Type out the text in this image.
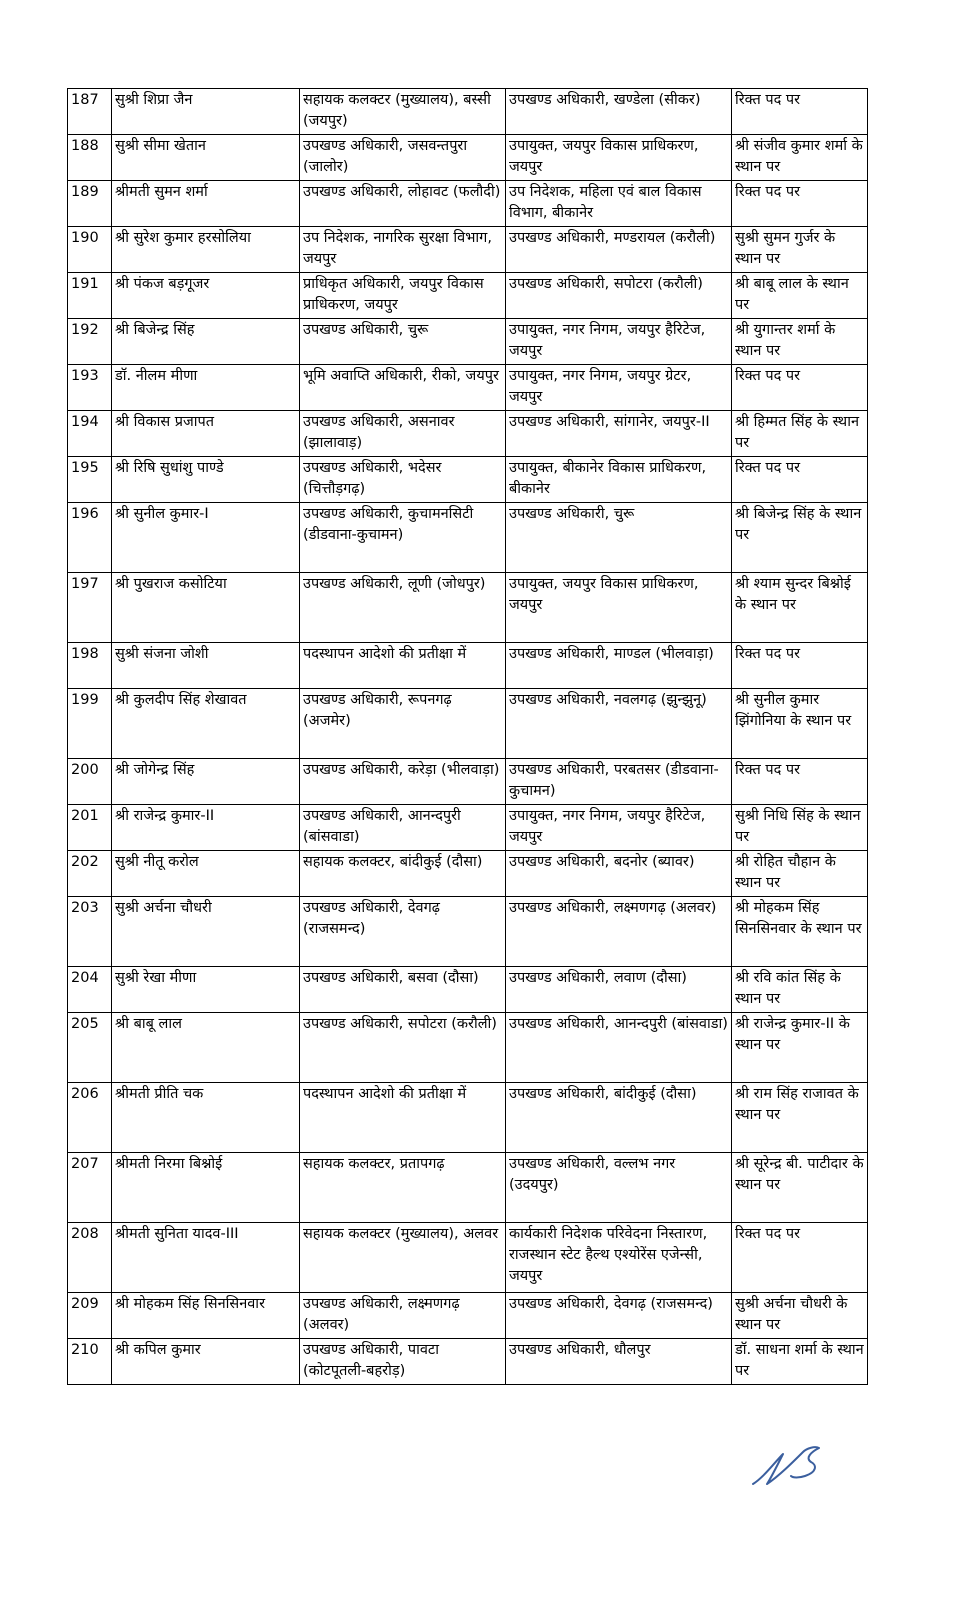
187	सुश्री शिप्रा जैन	सहायक कलक्टर (मुख्यालय), बस्सी (जयपुर)	उपखण्ड अधिकारी, खण्डेला (सीकर)	रिक्त पद पर
188	सुश्री सीमा खेतान	उपखण्ड अधिकारी, जसवन्तपुरा (जालोर)	उपायुक्त, जयपुर विकास प्राधिकरण, जयपुर	श्री संजीव कुमार शर्मा के स्थान पर
189	श्रीमती सुमन शर्मा	उपखण्ड अधिकारी, लोहावट (फलौदी)	उप निदेशक, महिला एवं बाल विकास विभाग, बीकानेर	रिक्त पद पर
190	श्री सुरेश कुमार हरसोलिया	उप निदेशक, नागरिक सुरक्षा विभाग, जयपुर	उपखण्ड अधिकारी, मण्डरायल (करौली)	सुश्री सुमन गुर्जर के स्थान पर
191	श्री पंकज बड़गूजर	प्राधिकृत अधिकारी, जयपुर विकास प्राधिकरण, जयपुर	उपखण्ड अधिकारी, सपोटरा (करौली)	श्री बाबू लाल के स्थान पर
192	श्री बिजेन्द्र सिंह	उपखण्ड अधिकारी, चुरू	उपायुक्त, नगर निगम, जयपुर हैरिटेज, जयपुर	श्री युगान्तर शर्मा के स्थान पर
193	डॉ. नीलम मीणा	भूमि अवाप्ति अधिकारी, रीको, जयपुर	उपायुक्त, नगर निगम, जयपुर ग्रेटर, जयपुर	रिक्त पद पर
194	श्री विकास प्रजापत	उपखण्ड अधिकारी, असनावर (झालावाड़)	उपखण्ड अधिकारी, सांगानेर, जयपुर-II	श्री हिम्मत सिंह के स्थान पर
195	श्री रिषि सुधांशु पाण्डे	उपखण्ड अधिकारी, भदेसर (चित्तौड़गढ़)	उपायुक्त, बीकानेर विकास प्राधिकरण, बीकानेर	रिक्त पद पर
196	श्री सुनील कुमार-I	उपखण्ड अधिकारी, कुचामनसिटी (डीडवाना-कुचामन)	उपखण्ड अधिकारी, चुरू	श्री बिजेन्द्र सिंह के स्थान पर
197	श्री पुखराज कसोटिया	उपखण्ड अधिकारी, लूणी (जोधपुर)	उपायुक्त, जयपुर विकास प्राधिकरण, जयपुर	श्री श्याम सुन्दर बिश्नोई के स्थान पर
198	सुश्री संजना जोशी	पदस्थापन आदेशो की प्रतीक्षा में	उपखण्ड अधिकारी, माण्डल (भीलवाड़ा)	रिक्त पद पर
199	श्री कुलदीप सिंह शेखावत	उपखण्ड अधिकारी, रूपनगढ़ (अजमेर)	उपखण्ड अधिकारी, नवलगढ़ (झुन्झुनू)	श्री सुनील कुमार झिंगोनिया के स्थान पर
200	श्री जोगेन्द्र सिंह	उपखण्ड अधिकारी, करेड़ा (भीलवाड़ा)	उपखण्ड अधिकारी, परबतसर (डीडवाना-कुचामन)	रिक्त पद पर
201	श्री राजेन्द्र कुमार-II	उपखण्ड अधिकारी, आनन्दपुरी (बांसवाडा)	उपायुक्त, नगर निगम, जयपुर हैरिटेज, जयपुर	सुश्री निधि सिंह के स्थान पर
202	सुश्री नीतू करोल	सहायक कलक्टर, बांदीकुई (दौसा)	उपखण्ड अधिकारी, बदनोर (ब्यावर)	श्री रोहित चौहान के स्थान पर
203	सुश्री अर्चना चौधरी	उपखण्ड अधिकारी, देवगढ़ (राजसमन्द)	उपखण्ड अधिकारी, लक्ष्मणगढ़ (अलवर)	श्री मोहकम सिंह सिनसिनवार के स्थान पर
204	सुश्री रेखा मीणा	उपखण्ड अधिकारी, बसवा (दौसा)	उपखण्ड अधिकारी, लवाण (दौसा)	श्री रवि कांत सिंह के स्थान पर
205	श्री बाबू लाल	उपखण्ड अधिकारी, सपोटरा (करौली)	उपखण्ड अधिकारी, आनन्दपुरी (बांसवाडा)	श्री राजेन्द्र कुमार-II के स्थान पर
206	श्रीमती प्रीति चक	पदस्थापन आदेशो की प्रतीक्षा में	उपखण्ड अधिकारी, बांदीकुई (दौसा)	श्री राम सिंह राजावत के स्थान पर
207	श्रीमती निरमा बिश्नोई	सहायक कलक्टर, प्रतापगढ़	उपखण्ड अधिकारी, वल्लभ नगर (उदयपुर)	श्री सूरेन्द्र बी. पाटीदार के स्थान पर
208	श्रीमती सुनिता यादव-III	सहायक कलक्टर (मुख्यालय), अलवर	कार्यकारी निदेशक परिवेदना निस्तारण, राजस्थान स्टेट हैल्थ एश्योरेंस एजेन्सी, जयपुर	रिक्त पद पर
209	श्री मोहकम सिंह सिनसिनवार	उपखण्ड अधिकारी, लक्ष्मणगढ़ (अलवर)	उपखण्ड अधिकारी, देवगढ़ (राजसमन्द)	सुश्री अर्चना चौधरी के स्थान पर
210	श्री कपिल कुमार	उपखण्ड अधिकारी, पावटा (कोटपूतली-बहरोड़)	उपखण्ड अधिकारी, धौलपुर	डॉ. साधना शर्मा के स्थान पर
